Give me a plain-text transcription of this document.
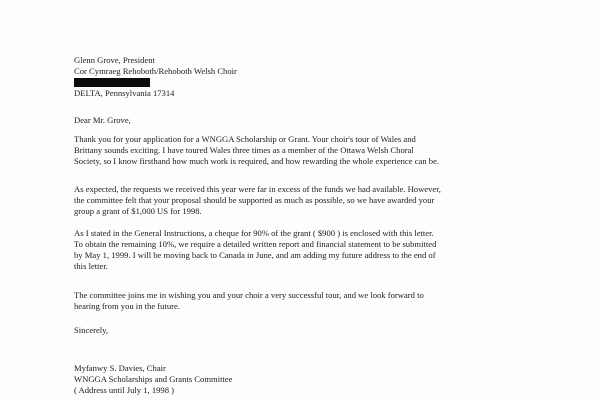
Glenn Grove, President
Cor Cymraeg Rehoboth/Rehoboth Welsh Choir
DELTA, Pennsylvania 17314
Dear Mr. Grove,
Thank you for your application for a WNGGA Scholarship or Grant. Your choir's tour of Wales and
Brittany sounds exciting. I have toured Wales three times as a member of the Ottawa Welsh Choral
Society, so I know firsthand how much work is required, and how rewarding the whole experience can be.
As expected, the requests we received this year were far in excess of the funds we had available. However,
the committee felt that your proposal should be supported as much as possible, so we have awarded your
group a grant of $1,000 US for 1998.
As I stated in the General Instructions, a cheque for 90% of the grant ( $900 ) is enclosed with this letter.
To obtain the remaining 10%, we require a detailed written report and financial statement to be submitted
by May 1, 1999. I will be moving back to Canada in June, and am adding my future address to the end of
this letter.
The committee joins me in wishing you and your choir a very successful tour, and we look forward to
hearing from you in the future.
Sincerely,
Myfanwy S. Davies, Chair
WNGGA Scholarships and Grants Committee
( Address until July 1, 1998 )
